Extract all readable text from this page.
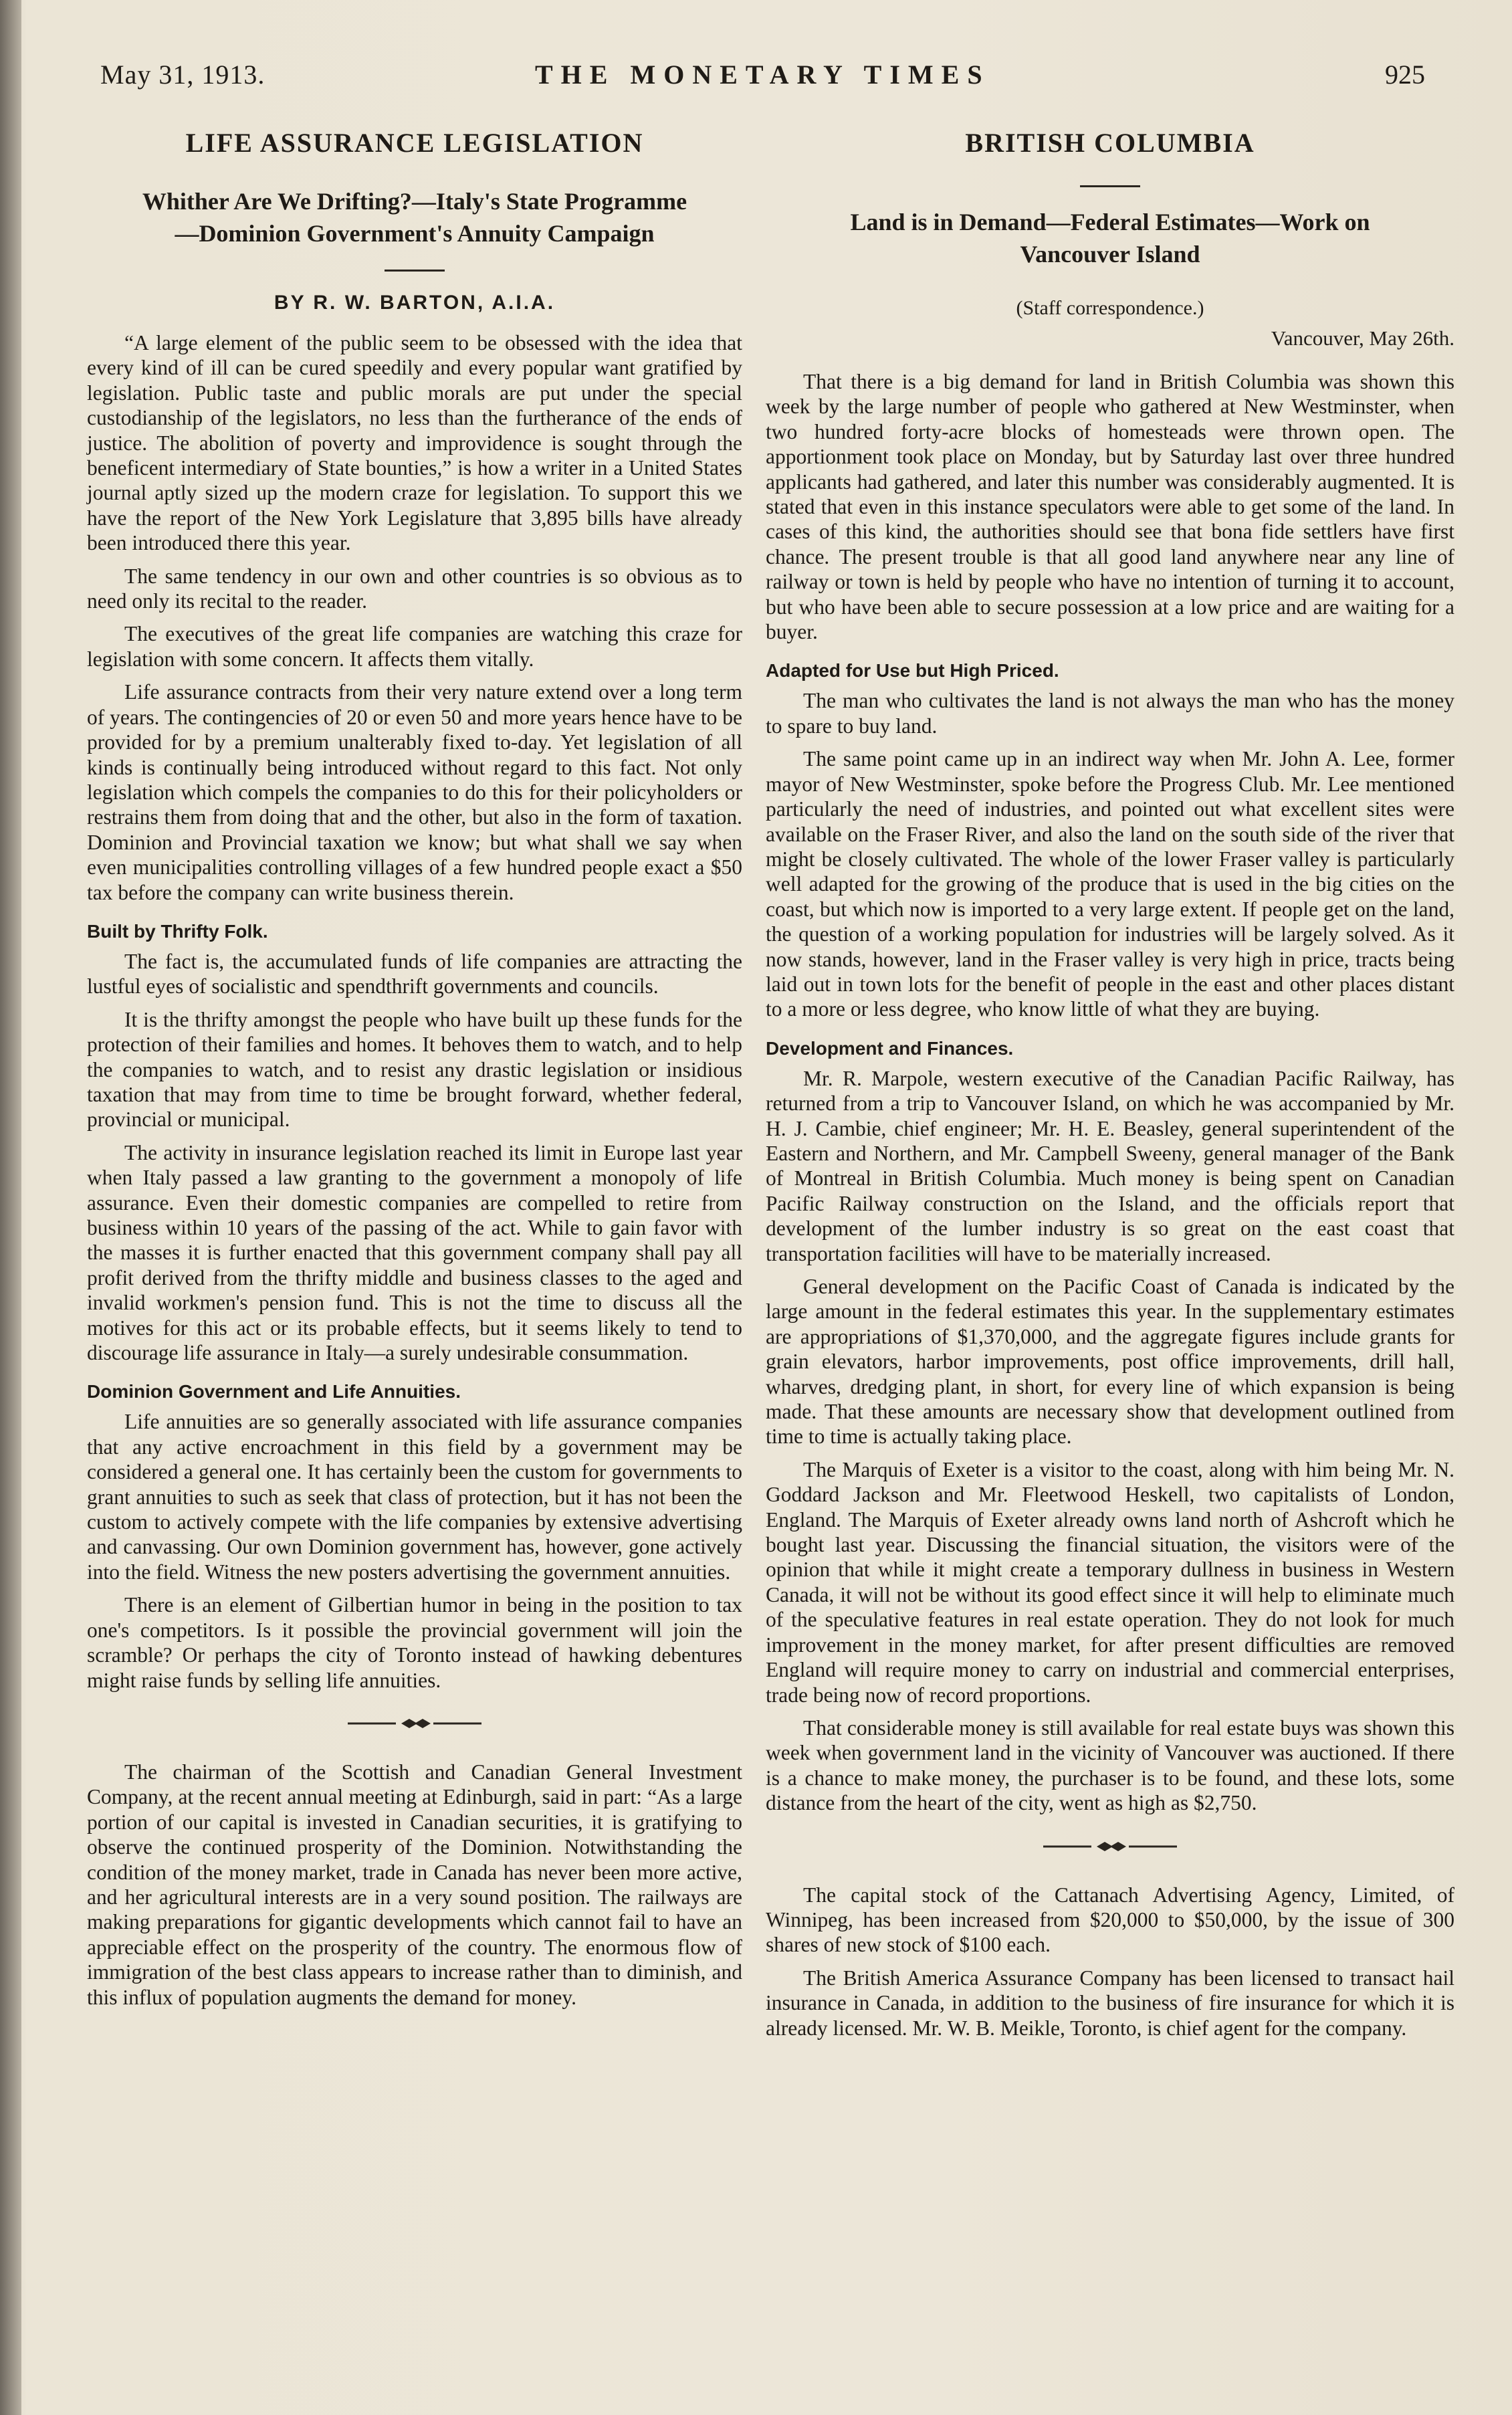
May 31, 1913.	THE MONETARY TIMES	925
LIFE ASSURANCE LEGISLATION
Whither Are We Drifting?—Italy's State Programme
—Dominion Government's Annuity Campaign
BY R. W. BARTON, A.I.A.

“A large element of the public seem to be obsessed with the idea that every kind of ill can be cured speedily and every popular want gratified by legislation. Public taste and public morals are put under the special custodianship of the legislators, no less than the furtherance of the ends of justice. The abolition of poverty and improvidence is sought through the beneficent intermediary of State bounties,” is how a writer in a United States journal aptly sized up the modern craze for legislation. To support this we have the report of the New York Legislature that 3,895 bills have already been introduced there this year.

The same tendency in our own and other countries is so obvious as to need only its recital to the reader.

The executives of the great life companies are watching this craze for legislation with some concern. It affects them vitally.

Life assurance contracts from their very nature extend over a long term of years. The contingencies of 20 or even 50 and more years hence have to be provided for by a premium unalterably fixed to-day. Yet legislation of all kinds is continually being introduced without regard to this fact. Not only legislation which compels the companies to do this for their policyholders or restrains them from doing that and the other, but also in the form of taxation. Dominion and Provincial taxation we know; but what shall we say when even municipalities controlling villages of a few hundred people exact a $50 tax before the company can write business therein.

Built by Thrifty Folk.

The fact is, the accumulated funds of life companies are attracting the lustful eyes of socialistic and spendthrift governments and councils.

It is the thrifty amongst the people who have built up these funds for the protection of their families and homes. It behoves them to watch, and to help the companies to watch, and to resist any drastic legislation or insidious taxation that may from time to time be brought forward, whether federal, provincial or municipal.

The activity in insurance legislation reached its limit in Europe last year when Italy passed a law granting to the government a monopoly of life assurance. Even their domestic companies are compelled to retire from business within 10 years of the passing of the act. While to gain favor with the masses it is further enacted that this government company shall pay all profit derived from the thrifty middle and business classes to the aged and invalid workmen's pension fund. This is not the time to discuss all the motives for this act or its probable effects, but it seems likely to tend to discourage life assurance in Italy—a surely undesirable consummation.

Dominion Government and Life Annuities.

Life annuities are so generally associated with life assurance companies that any active encroachment in this field by a government may be considered a general one. It has certainly been the custom for governments to grant annuities to such as seek that class of protection, but it has not been the custom to actively compete with the life companies by extensive advertising and canvassing. Our own Dominion government has, however, gone actively into the field. Witness the new posters advertising the government annuities.

There is an element of Gilbertian humor in being in the position to tax one's competitors. Is it possible the provincial government will join the scramble? Or perhaps the city of Toronto instead of hawking debentures might raise funds by selling life annuities.

The chairman of the Scottish and Canadian General Investment Company, at the recent annual meeting at Edinburgh, said in part: “As a large portion of our capital is invested in Canadian securities, it is gratifying to observe the continued prosperity of the Dominion. Notwithstanding the condition of the money market, trade in Canada has never been more active, and her agricultural interests are in a very sound position. The railways are making preparations for gigantic developments which cannot fail to have an appreciable effect on the prosperity of the country. The enormous flow of immigration of the best class appears to increase rather than to diminish, and this influx of population augments the demand for money.

BRITISH COLUMBIA
Land is in Demand—Federal Estimates—Work on
Vancouver Island
(Staff correspondence.)
Vancouver, May 26th.

That there is a big demand for land in British Columbia was shown this week by the large number of people who gathered at New Westminster, when two hundred forty-acre blocks of homesteads were thrown open. The apportionment took place on Monday, but by Saturday last over three hundred applicants had gathered, and later this number was considerably augmented. It is stated that even in this instance speculators were able to get some of the land. In cases of this kind, the authorities should see that bona fide settlers have first chance. The present trouble is that all good land anywhere near any line of railway or town is held by people who have no intention of turning it to account, but who have been able to secure possession at a low price and are waiting for a buyer.

Adapted for Use but High Priced.

The man who cultivates the land is not always the man who has the money to spare to buy land.

The same point came up in an indirect way when Mr. John A. Lee, former mayor of New Westminster, spoke before the Progress Club. Mr. Lee mentioned particularly the need of industries, and pointed out what excellent sites were available on the Fraser River, and also the land on the south side of the river that might be closely cultivated. The whole of the lower Fraser valley is particularly well adapted for the growing of the produce that is used in the big cities on the coast, but which now is imported to a very large extent. If people get on the land, the question of a working population for industries will be largely solved. As it now stands, however, land in the Fraser valley is very high in price, tracts being laid out in town lots for the benefit of people in the east and other places distant to a more or less degree, who know little of what they are buying.

Development and Finances.

Mr. R. Marpole, western executive of the Canadian Pacific Railway, has returned from a trip to Vancouver Island, on which he was accompanied by Mr. H. J. Cambie, chief engineer; Mr. H. E. Beasley, general superintendent of the Eastern and Northern, and Mr. Campbell Sweeny, general manager of the Bank of Montreal in British Columbia. Much money is being spent on Canadian Pacific Railway construction on the Island, and the officials report that development of the lumber industry is so great on the east coast that transportation facilities will have to be materially increased.

General development on the Pacific Coast of Canada is indicated by the large amount in the federal estimates this year. In the supplementary estimates are appropriations of $1,370,000, and the aggregate figures include grants for grain elevators, harbor improvements, post office improvements, drill hall, wharves, dredging plant, in short, for every line of which expansion is being made. That these amounts are necessary show that development outlined from time to time is actually taking place.

The Marquis of Exeter is a visitor to the coast, along with him being Mr. N. Goddard Jackson and Mr. Fleetwood Heskell, two capitalists of London, England. The Marquis of Exeter already owns land north of Ashcroft which he bought last year. Discussing the financial situation, the visitors were of the opinion that while it might create a temporary dullness in business in Western Canada, it will not be without its good effect since it will help to eliminate much of the speculative features in real estate operation. They do not look for much improvement in the money market, for after present difficulties are removed England will require money to carry on industrial and commercial enterprises, trade being now of record proportions.

That considerable money is still available for real estate buys was shown this week when government land in the vicinity of Vancouver was auctioned. If there is a chance to make money, the purchaser is to be found, and these lots, some distance from the heart of the city, went as high as $2,750.

The capital stock of the Cattanach Advertising Agency, Limited, of Winnipeg, has been increased from $20,000 to $50,000, by the issue of 300 shares of new stock of $100 each.

The British America Assurance Company has been licensed to transact hail insurance in Canada, in addition to the business of fire insurance for which it is already licensed. Mr. W. B. Meikle, Toronto, is chief agent for the company.
